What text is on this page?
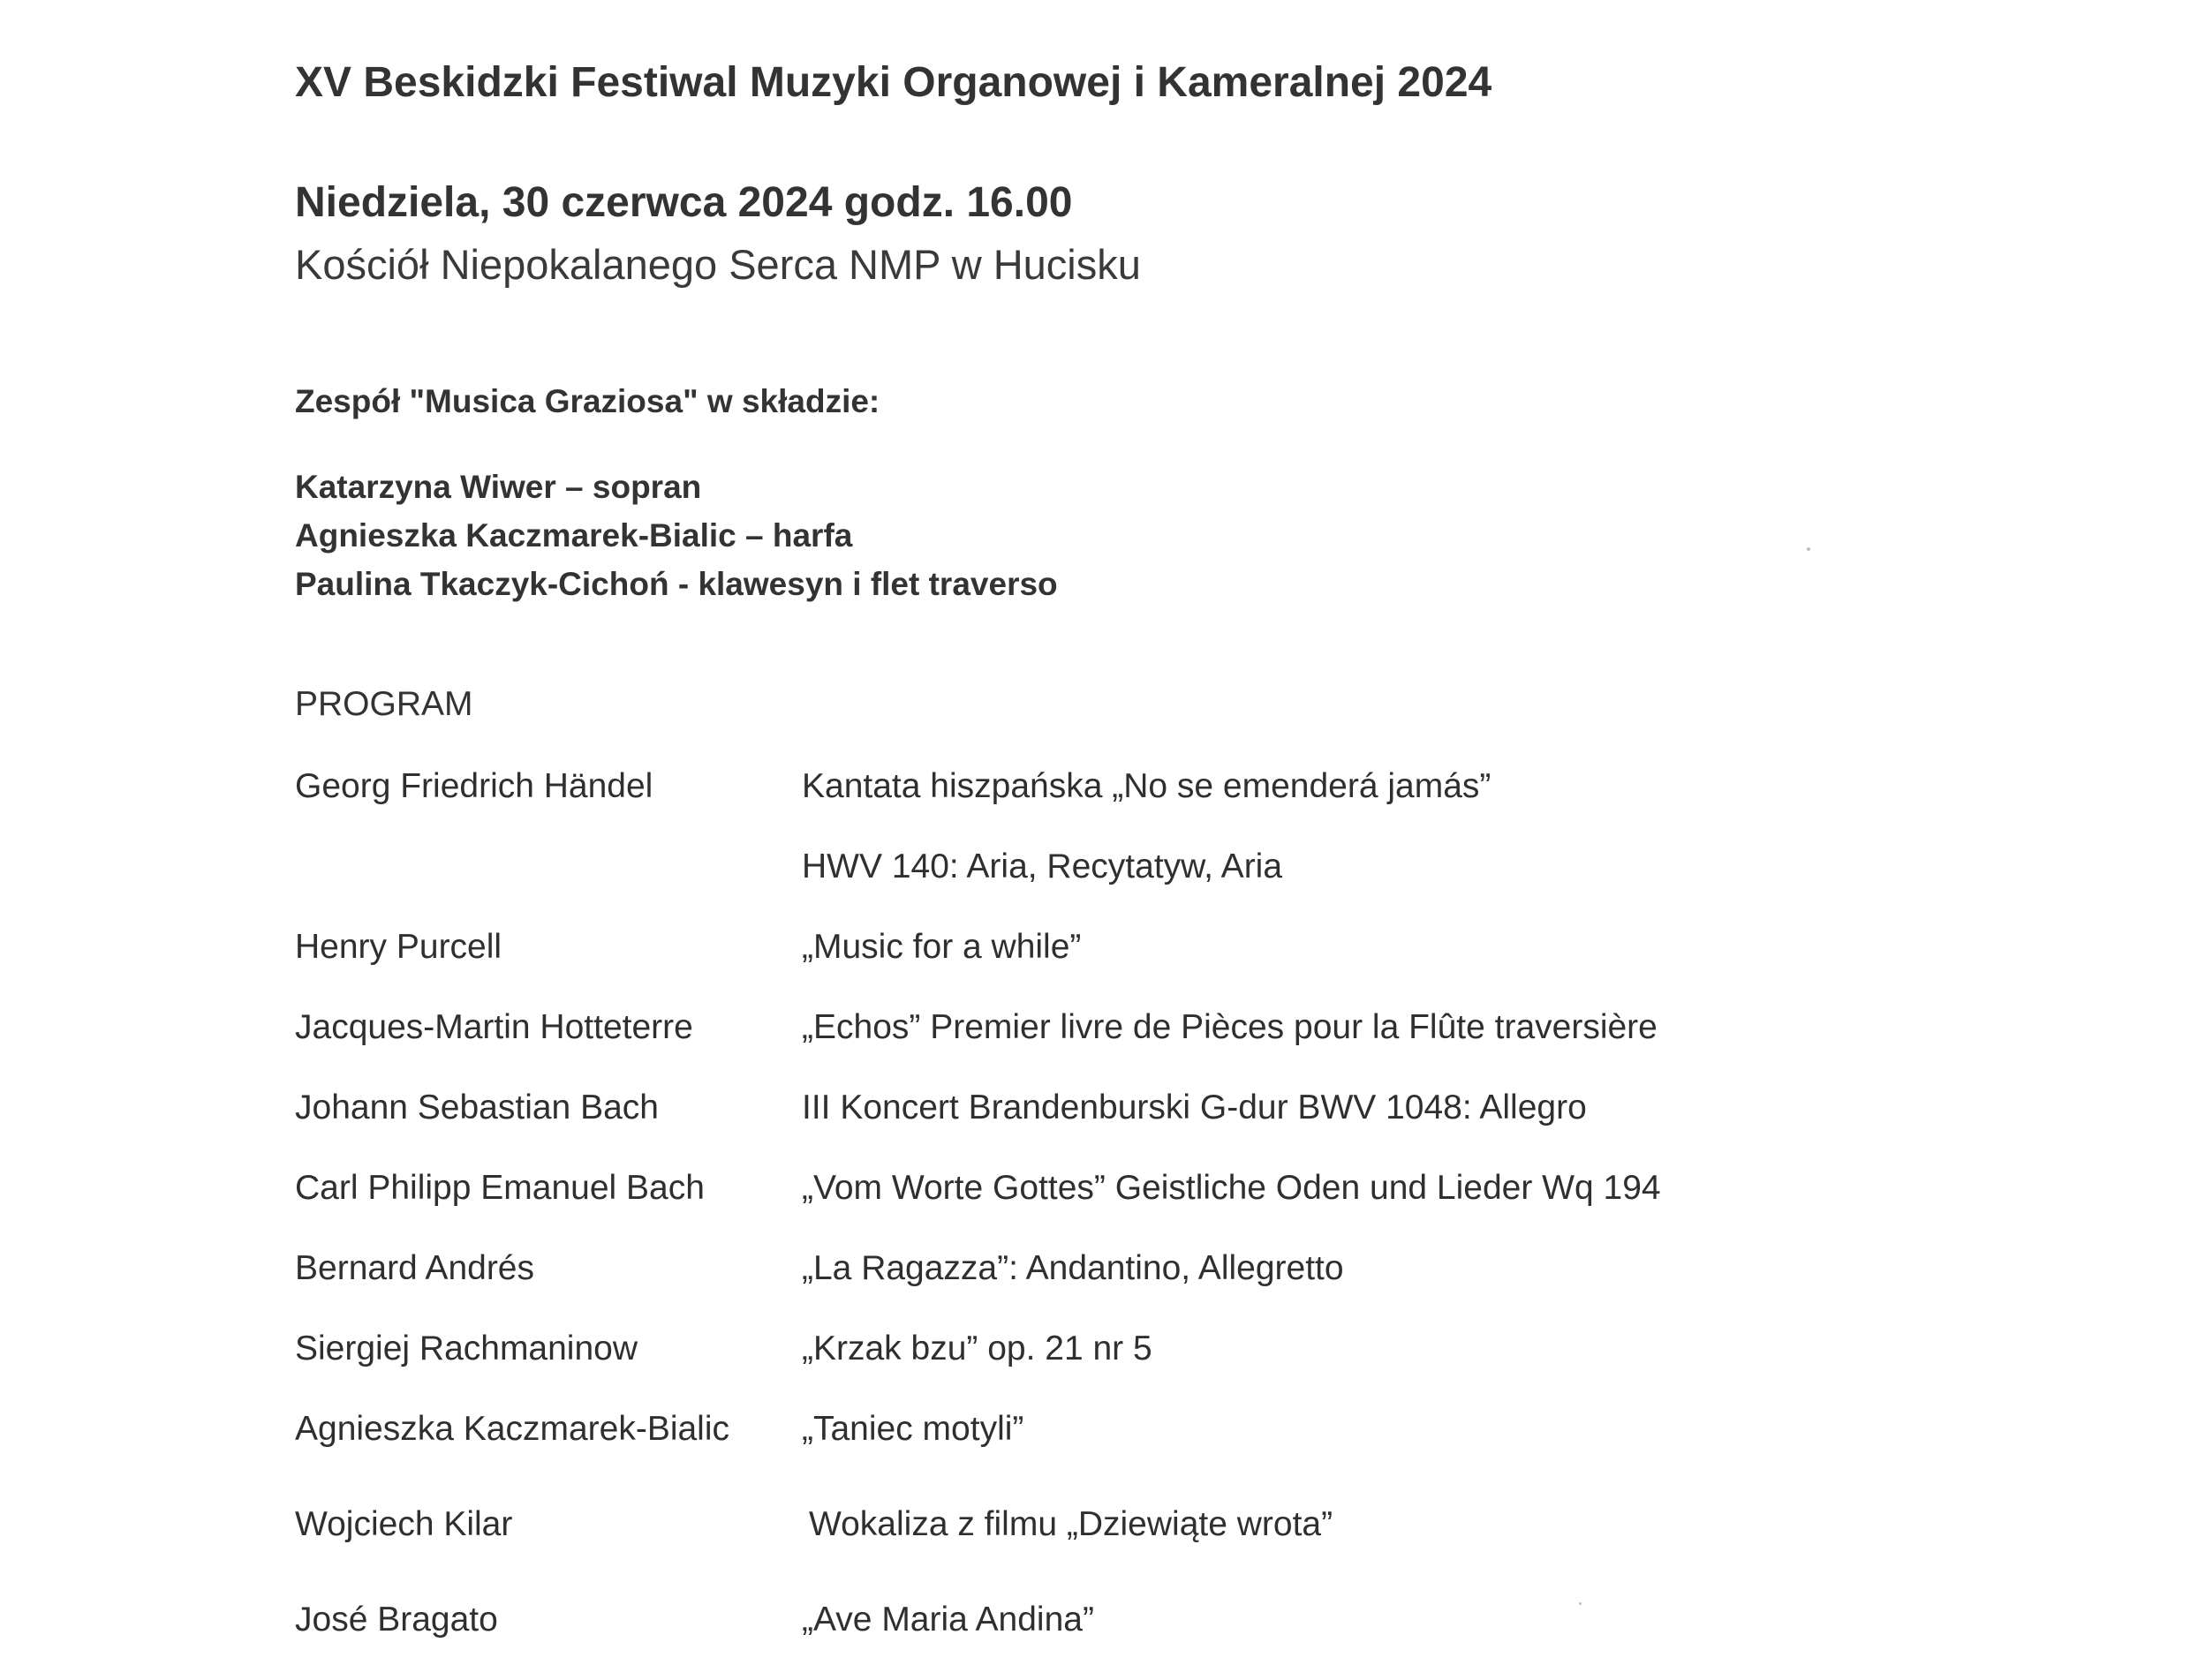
XV Beskidzki Festiwal Muzyki Organowej i Kameralnej 2024
Niedziela, 30 czerwca 2024 godz. 16.00
Kościół Niepokalanego Serca NMP w Hucisku
Zespół "Musica Graziosa" w składzie:
Katarzyna Wiwer – sopran
Agnieszka Kaczmarek-Bialic – harfa
Paulina Tkaczyk-Cichoń - klawesyn i flet traverso
PROGRAM
Georg Friedrich Händel	Kantata hiszpańska „No se emenderá jamás”
HWV 140: Aria, Recytatyw, Aria
Henry Purcell	„Music for a while”
Jacques-Martin Hotteterre	„Echos” Premier livre de Pièces pour la Flûte traversière
Johann Sebastian Bach	III Koncert Brandenburski G-dur BWV 1048: Allegro
Carl Philipp Emanuel Bach	„Vom Worte Gottes” Geistliche Oden und Lieder Wq 194
Bernard Andrés	„La Ragazza”: Andantino, Allegretto
Siergiej Rachmaninow	„Krzak bzu” op. 21 nr 5
Agnieszka Kaczmarek-Bialic „Taniec motyli”
Wojciech Kilar	Wokaliza z filmu „Dziewiąte wrota”
José Bragato	„Ave Maria Andina”
